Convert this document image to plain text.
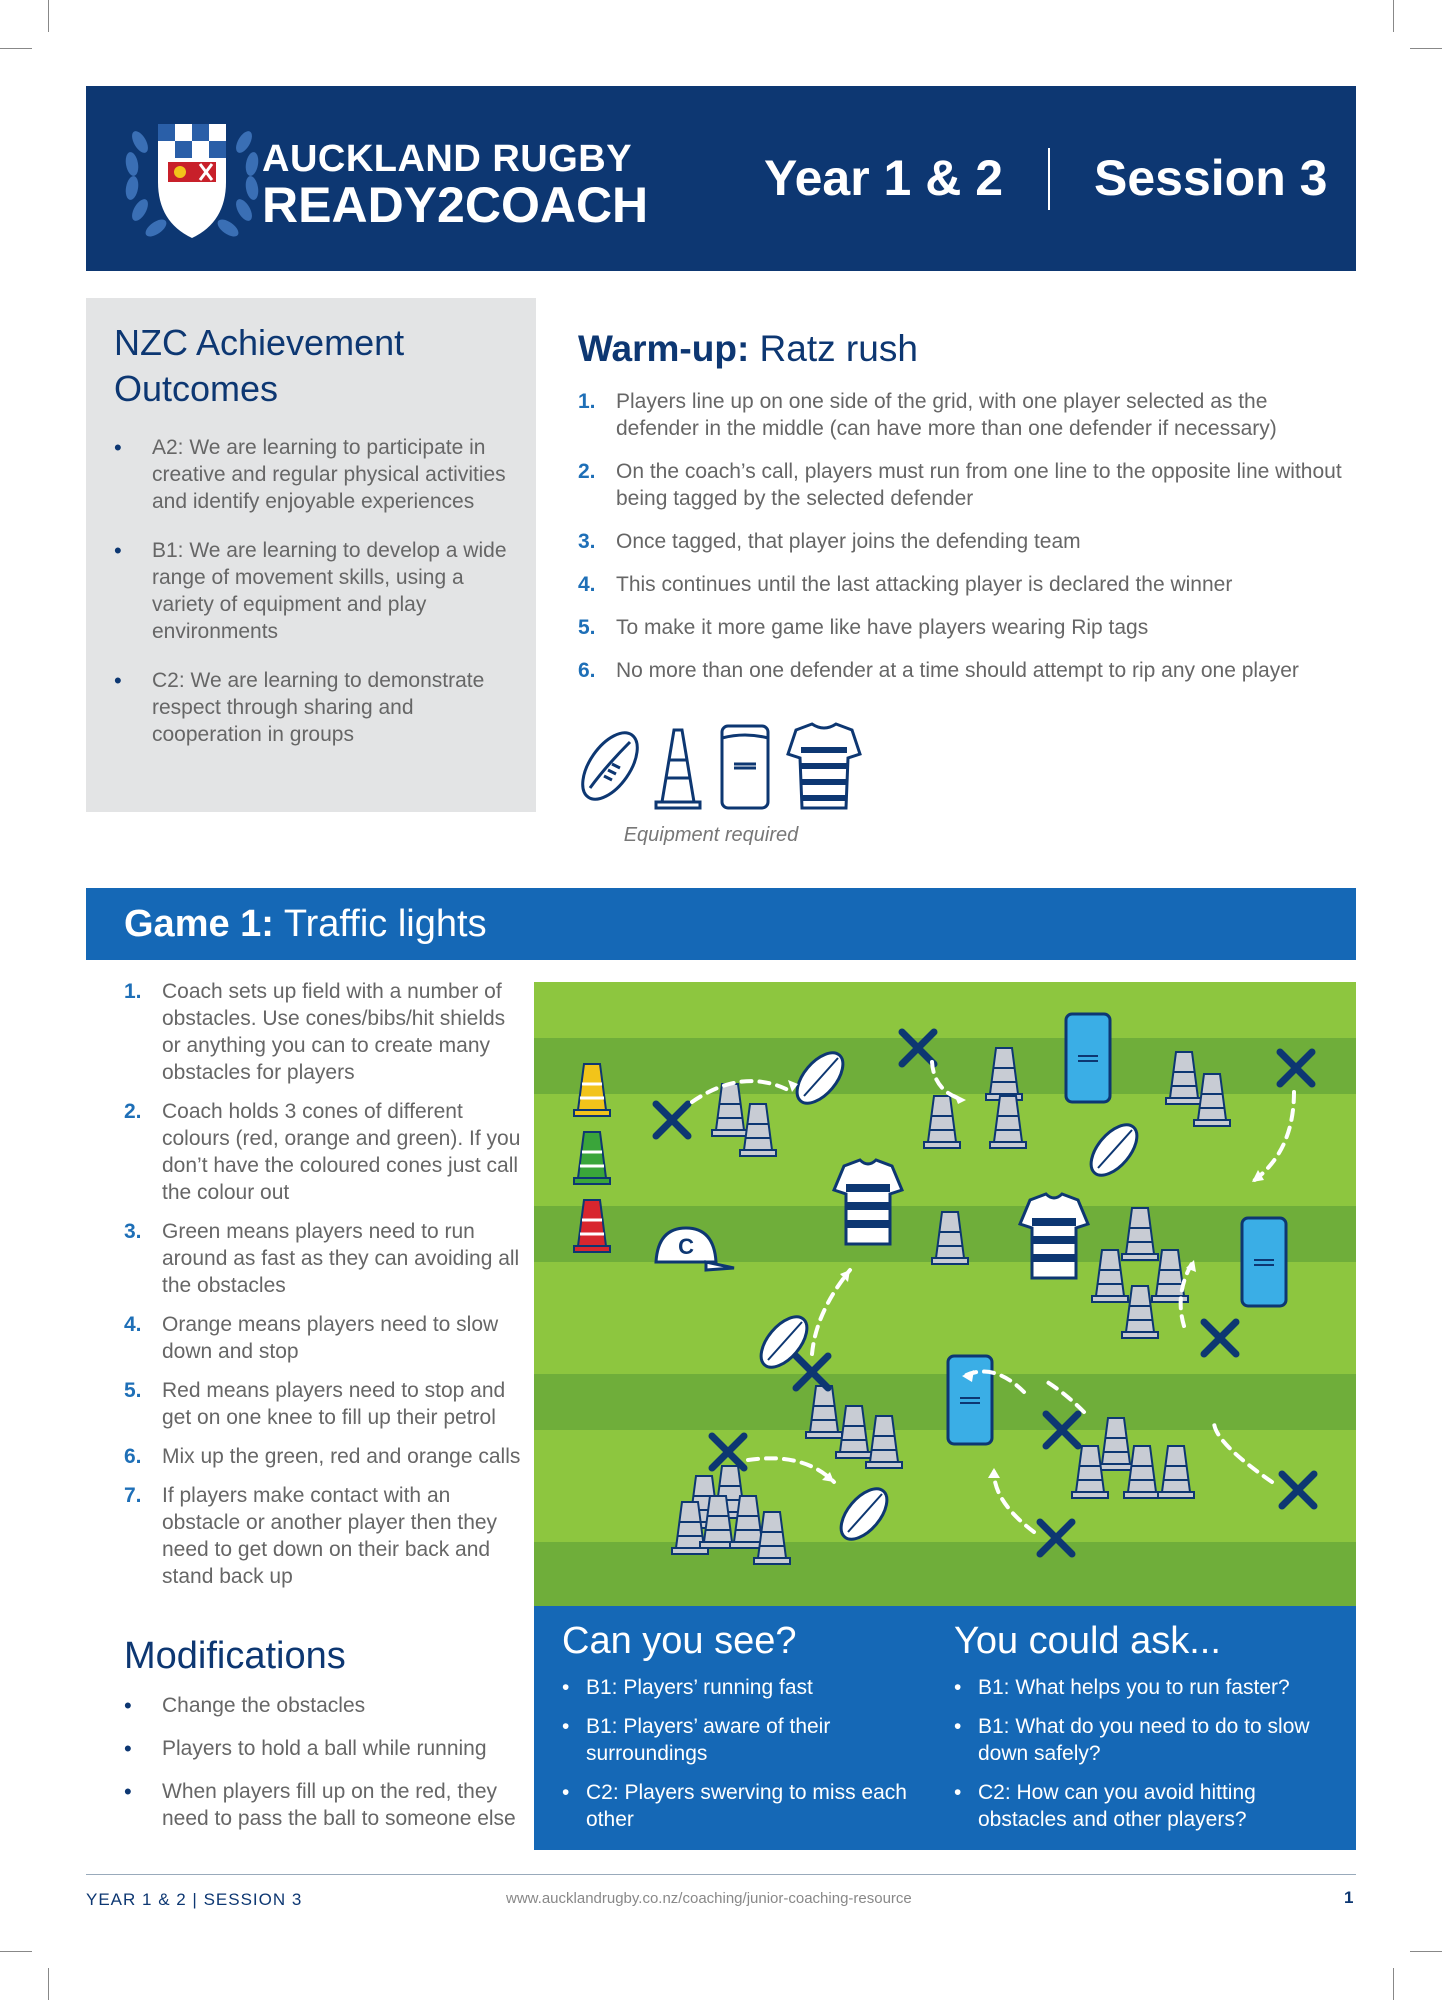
AUCKLAND RUGBY
READY2COACH Year 1 & 2 Session 3
NZC Achievement Outcomes
• A2: We are learning to participate in creative and regular physical activities and identify enjoyable experiences
• B1: We are learning to develop a wide range of movement skills, using a variety of equipment and play environments
• C2: We are learning to demonstrate respect through sharing and cooperation in groups
Warm-up: Ratz rush
1. Players line up on one side of the grid, with one player selected as the defender in the middle (can have more than one defender if necessary)
2. On the coach’s call, players must run from one line to the opposite line without being tagged by the selected defender
3. Once tagged, that player joins the defending team
4. This continues until the last attacking player is declared the winner
5. To make it more game like have players wearing Rip tags
6. No more than one defender at a time should attempt to rip any one player
Equipment required
Game 1: Traffic lights
1. Coach sets up field with a number of obstacles. Use cones/bibs/hit shields or anything you can to create many obstacles for players
2. Coach holds 3 cones of different colours (red, orange and green). If you don’t have the coloured cones just call the colour out
3. Green means players need to run around as fast as they can avoiding all the obstacles
4. Orange means players need to slow down and stop
5. Red means players need to stop and get on one knee to fill up their petrol
6. Mix up the green, red and orange calls
7. If players make contact with an obstacle or another player then they need to get down on their back and stand back up
Modifications
• Change the obstacles
• Players to hold a ball while running
• When players fill up on the red, they need to pass the ball to someone else
C
Can you see?
• B1: Players’ running fast
• B1: Players’ aware of their surroundings
• C2: Players swerving to miss each other
You could ask...
• B1: What helps you to run faster?
• B1: What do you need to do to slow down safely?
• C2: How can you avoid hitting obstacles and other players?
YEAR 1 & 2 | SESSION 3	www.aucklandrugby.co.nz/coaching/junior-coaching-resource	1
